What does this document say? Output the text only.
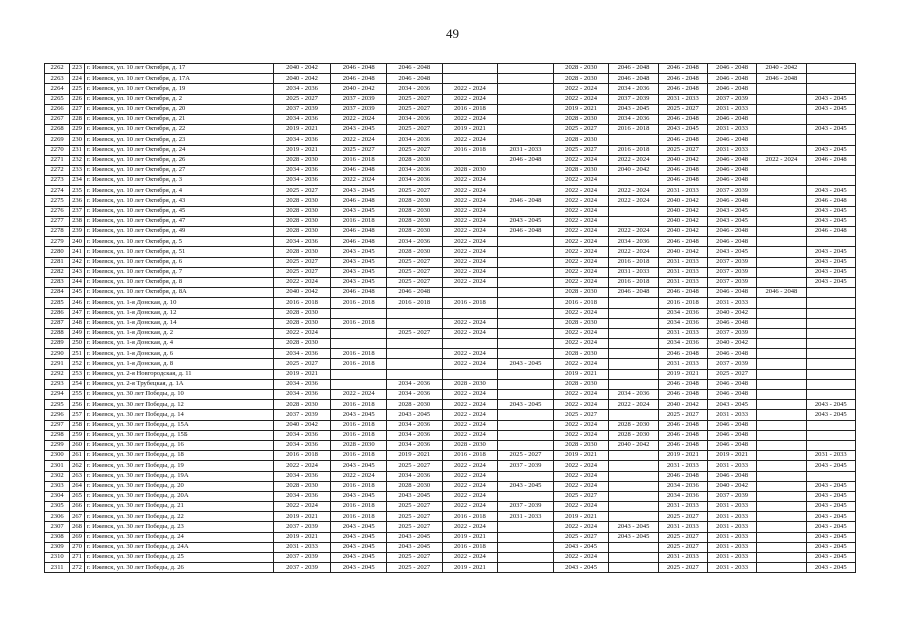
49
2262	223	г. Ижевск, ул. 10 лет Октября, д. 17	2040 - 2042	2046 - 2048	2046 - 2048			2028 - 2030	2046 - 2048	2046 - 2048	2046 - 2048	2040 - 2042	
2263	224	г. Ижевск, ул. 10 лет Октября, д. 17А	2040 - 2042	2046 - 2048	2046 - 2048			2028 - 2030	2046 - 2048	2046 - 2048	2046 - 2048	2046 - 2048	
2264	225	г. Ижевск, ул. 10 лет Октября, д. 19	2034 - 2036	2040 - 2042	2034 - 2036	2022 - 2024		2022 - 2024	2034 - 2036	2046 - 2048	2046 - 2048		
2265	226	г. Ижевск, ул. 10 лет Октября, д. 2	2025 - 2027	2037 - 2039	2025 - 2027	2022 - 2024		2022 - 2024	2037 - 2039	2031 - 2033	2037 - 2039		2043 - 2045
2266	227	г. Ижевск, ул. 10 лет Октября, д. 20	2037 - 2039	2037 - 2039	2025 - 2027	2016 - 2018		2019 - 2021	2043 - 2045	2025 - 2027	2031 - 2033		2043 - 2045
2267	228	г. Ижевск, ул. 10 лет Октября, д. 21	2034 - 2036	2022 - 2024	2034 - 2036	2022 - 2024		2028 - 2030	2034 - 2036	2046 - 2048	2046 - 2048		
2268	229	г. Ижевск, ул. 10 лет Октября, д. 22	2019 - 2021	2043 - 2045	2025 - 2027	2019 - 2021		2025 - 2027	2016 - 2018	2043 - 2045	2031 - 2033		2043 - 2045
2269	230	г. Ижевск, ул. 10 лет Октября, д. 23	2034 - 2036	2022 - 2024	2034 - 2036	2022 - 2024		2028 - 2030		2046 - 2048	2046 - 2048		
2270	231	г. Ижевск, ул. 10 лет Октября, д. 24	2019 - 2021	2025 - 2027	2025 - 2027	2016 - 2018	2031 - 2033	2025 - 2027	2016 - 2018	2025 - 2027	2031 - 2033		2043 - 2045
2271	232	г. Ижевск, ул. 10 лет Октября, д. 26	2028 - 2030	2016 - 2018	2028 - 2030		2046 - 2048	2022 - 2024	2022 - 2024	2040 - 2042	2046 - 2048	2022 - 2024	2046 - 2048
2272	233	г. Ижевск, ул. 10 лет Октября, д. 27	2034 - 2036	2046 - 2048	2034 - 2036	2028 - 2030		2028 - 2030	2040 - 2042	2046 - 2048	2046 - 2048		
2273	234	г. Ижевск, ул. 10 лет Октября, д. 3	2034 - 2036	2022 - 2024	2034 - 2036	2022 - 2024		2022 - 2024		2046 - 2048	2046 - 2048		
2274	235	г. Ижевск, ул. 10 лет Октября, д. 4	2025 - 2027	2043 - 2045	2025 - 2027	2022 - 2024		2022 - 2024	2022 - 2024	2031 - 2033	2037 - 2039		2043 - 2045
2275	236	г. Ижевск, ул. 10 лет Октября, д. 43	2028 - 2030	2046 - 2048	2028 - 2030	2022 - 2024	2046 - 2048	2022 - 2024	2022 - 2024	2040 - 2042	2046 - 2048		2046 - 2048
2276	237	г. Ижевск, ул. 10 лет Октября, д. 45	2028 - 2030	2043 - 2045	2028 - 2030	2022 - 2024		2022 - 2024		2040 - 2042	2043 - 2045		2043 - 2045
2277	238	г. Ижевск, ул. 10 лет Октября, д. 47	2028 - 2030	2016 - 2018	2028 - 2030	2022 - 2024	2043 - 2045	2022 - 2024		2040 - 2042	2043 - 2045		2043 - 2045
2278	239	г. Ижевск, ул. 10 лет Октября, д. 49	2028 - 2030	2046 - 2048	2028 - 2030	2022 - 2024	2046 - 2048	2022 - 2024	2022 - 2024	2040 - 2042	2046 - 2048		2046 - 2048
2279	240	г. Ижевск, ул. 10 лет Октября, д. 5	2034 - 2036	2046 - 2048	2034 - 2036	2022 - 2024		2022 - 2024	2034 - 2036	2046 - 2048	2046 - 2048		
2280	241	г. Ижевск, ул. 10 лет Октября, д. 51	2028 - 2030	2043 - 2045	2028 - 2030	2022 - 2024		2022 - 2024	2022 - 2024	2040 - 2042	2043 - 2045		2043 - 2045
2281	242	г. Ижевск, ул. 10 лет Октября, д. 6	2025 - 2027	2043 - 2045	2025 - 2027	2022 - 2024		2022 - 2024	2016 - 2018	2031 - 2033	2037 - 2039		2043 - 2045
2282	243	г. Ижевск, ул. 10 лет Октября, д. 7	2025 - 2027	2043 - 2045	2025 - 2027	2022 - 2024		2022 - 2024	2031 - 2033	2031 - 2033	2037 - 2039		2043 - 2045
2283	244	г. Ижевск, ул. 10 лет Октября, д. 8	2022 - 2024	2043 - 2045	2025 - 2027	2022 - 2024		2022 - 2024	2016 - 2018	2031 - 2033	2037 - 2039		2043 - 2045
2284	245	г. Ижевск, ул. 10 лет Октября, д. 8А	2040 - 2042	2046 - 2048	2046 - 2048			2028 - 2030	2046 - 2048	2046 - 2048	2046 - 2048	2046 - 2048	
2285	246	г. Ижевск, ул. 1-я Донская, д. 10	2016 - 2018	2016 - 2018	2016 - 2018	2016 - 2018		2016 - 2018		2016 - 2018	2031 - 2033		
2286	247	г. Ижевск, ул. 1-я Донская, д. 12	2028 - 2030					2022 - 2024		2034 - 2036	2040 - 2042		
2287	248	г. Ижевск, ул. 1-я Донская, д. 14	2028 - 2030	2016 - 2018		2022 - 2024		2028 - 2030		2034 - 2036	2046 - 2048		
2288	249	г. Ижевск, ул. 1-я Донская, д. 2	2022 - 2024		2025 - 2027	2022 - 2024		2022 - 2024		2031 - 2033	2037 - 2039		
2289	250	г. Ижевск, ул. 1-я Донская, д. 4	2028 - 2030					2022 - 2024		2034 - 2036	2040 - 2042		
2290	251	г. Ижевск, ул. 1-я Донская, д. 6	2034 - 2036	2016 - 2018		2022 - 2024		2028 - 2030		2046 - 2048	2046 - 2048		
2291	252	г. Ижевск, ул. 1-я Донская, д. 8	2025 - 2027	2016 - 2018		2022 - 2024	2043 - 2045	2022 - 2024		2031 - 2033	2037 - 2039		
2292	253	г. Ижевск, ул. 2-я Новгородская, д. 11	2019 - 2021					2019 - 2021		2019 - 2021	2025 - 2027		
2293	254	г. Ижевск, ул. 2-я Трубецкая, д. 1А	2034 - 2036		2034 - 2036	2028 - 2030		2028 - 2030		2046 - 2048	2046 - 2048		
2294	255	г. Ижевск, ул. 30 лет Победы, д. 10	2034 - 2036	2022 - 2024	2034 - 2036	2022 - 2024		2022 - 2024	2034 - 2036	2046 - 2048	2046 - 2048		
2295	256	г. Ижевск, ул. 30 лет Победы, д. 12	2028 - 2030	2016 - 2018	2028 - 2030	2022 - 2024	2043 - 2045	2022 - 2024	2022 - 2024	2040 - 2042	2043 - 2045		2043 - 2045
2296	257	г. Ижевск, ул. 30 лет Победы, д. 14	2037 - 2039	2043 - 2045	2043 - 2045	2022 - 2024		2025 - 2027		2025 - 2027	2031 - 2033		2043 - 2045
2297	258	г. Ижевск, ул. 30 лет Победы, д. 15А	2040 - 2042	2016 - 2018	2034 - 2036	2022 - 2024		2022 - 2024	2028 - 2030	2046 - 2048	2046 - 2048		
2298	259	г. Ижевск, ул. 30 лет Победы, д. 15Б	2034 - 2036	2016 - 2018	2034 - 2036	2022 - 2024		2022 - 2024	2028 - 2030	2046 - 2048	2046 - 2048		
2299	260	г. Ижевск, ул. 30 лет Победы, д. 16	2034 - 2036	2028 - 2030	2034 - 2036	2028 - 2030		2028 - 2030	2040 - 2042	2046 - 2048	2046 - 2048		
2300	261	г. Ижевск, ул. 30 лет Победы, д. 18	2016 - 2018	2016 - 2018	2019 - 2021	2016 - 2018	2025 - 2027	2019 - 2021		2019 - 2021	2019 - 2021		2031 - 2033
2301	262	г. Ижевск, ул. 30 лет Победы, д. 19	2022 - 2024	2043 - 2045	2025 - 2027	2022 - 2024	2037 - 2039	2022 - 2024		2031 - 2033	2031 - 2033		2043 - 2045
2302	263	г. Ижевск, ул. 30 лет Победы, д. 19А	2034 - 2036	2022 - 2024	2034 - 2036	2022 - 2024		2022 - 2024		2046 - 2048	2046 - 2048		
2303	264	г. Ижевск, ул. 30 лет Победы, д. 20	2028 - 2030	2016 - 2018	2028 - 2030	2022 - 2024	2043 - 2045	2022 - 2024		2034 - 2036	2040 - 2042		2043 - 2045
2304	265	г. Ижевск, ул. 30 лет Победы, д. 20А	2034 - 2036	2043 - 2045	2043 - 2045	2022 - 2024		2025 - 2027		2034 - 2036	2037 - 2039		2043 - 2045
2305	266	г. Ижевск, ул. 30 лет Победы, д. 21	2022 - 2024	2016 - 2018	2025 - 2027	2022 - 2024	2037 - 2039	2022 - 2024		2031 - 2033	2031 - 2033		2043 - 2045
2306	267	г. Ижевск, ул. 30 лет Победы, д. 22	2019 - 2021	2016 - 2018	2025 - 2027	2016 - 2018	2031 - 2033	2019 - 2021		2025 - 2027	2031 - 2033		2043 - 2045
2307	268	г. Ижевск, ул. 30 лет Победы, д. 23	2037 - 2039	2043 - 2045	2025 - 2027	2022 - 2024		2022 - 2024	2043 - 2045	2031 - 2033	2031 - 2033		2043 - 2045
2308	269	г. Ижевск, ул. 30 лет Победы, д. 24	2019 - 2021	2043 - 2045	2043 - 2045	2019 - 2021		2025 - 2027	2043 - 2045	2025 - 2027	2031 - 2033		2043 - 2045
2309	270	г. Ижевск, ул. 30 лет Победы, д. 24А	2031 - 2033	2043 - 2045	2043 - 2045	2016 - 2018		2043 - 2045		2025 - 2027	2031 - 2033		2043 - 2045
2310	271	г. Ижевск, ул. 30 лет Победы, д. 25	2037 - 2039	2043 - 2045	2025 - 2027	2022 - 2024		2022 - 2024		2031 - 2033	2031 - 2033		2043 - 2045
2311	272	г. Ижевск, ул. 30 лет Победы, д. 26	2037 - 2039	2043 - 2045	2025 - 2027	2019 - 2021		2043 - 2045		2025 - 2027	2031 - 2033		2043 - 2045
